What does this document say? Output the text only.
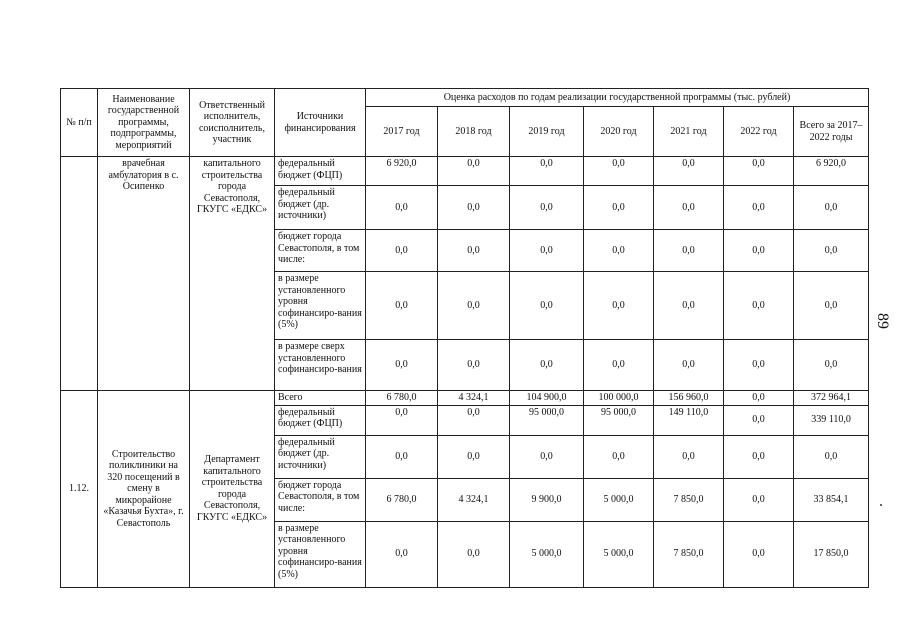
№ п/п	Наименование государственной программы, подпрограммы, мероприятий	Ответственный исполнитель, соисполнитель, участник	Источники финансирования	Оценка расходов по годам реализации государственной программы (тыс. рублей)						
				2017 год	2018 год	2019 год	2020 год	2021 год	2022 год	Всего за 2017–2022 годы
	врачебная амбулатория в с. Осипенко	капитального строительства города Севастополя, ГКУГС «ЕДКС»	федеральный бюджет (ФЦП)	6 920,0	0,0	0,0	0,0	0,0	0,0	6 920,0
			федеральный бюджет (др. источники)	0,0	0,0	0,0	0,0	0,0	0,0	0,0
			бюджет города Севастополя, в том числе:	0,0	0,0	0,0	0,0	0,0	0,0	0,0
			в размере установленного уровня софинансиро-вания (5%)	0,0	0,0	0,0	0,0	0,0	0,0	0,0
			в размере сверх установленного софинансиро-вания	0,0	0,0	0,0	0,0	0,0	0,0	0,0
1.12.	Строительство поликлиники на 320 посещений в смену в микрорайоне «Казачья Бухта», г. Севастополь	Департамент капитального строительства города Севастополя, ГКУГС «ЕДКС»	Всего	6 780,0	4 324,1	104 900,0	100 000,0	156 960,0	0,0	372 964,1
			федеральный бюджет (ФЦП)	0,0	0,0	95 000,0	95 000,0	149 110,0	0,0	339 110,0
			федеральный бюджет (др. источники)	0,0	0,0	0,0	0,0	0,0	0,0	0,0
			бюджет города Севастополя, в том числе:	6 780,0	4 324,1	9 900,0	5 000,0	7 850,0	0,0	33 854,1
			в размере установленного уровня софинансиро-вания (5%)	0,0	0,0	5 000,0	5 000,0	7 850,0	0,0	17 850,0
89
